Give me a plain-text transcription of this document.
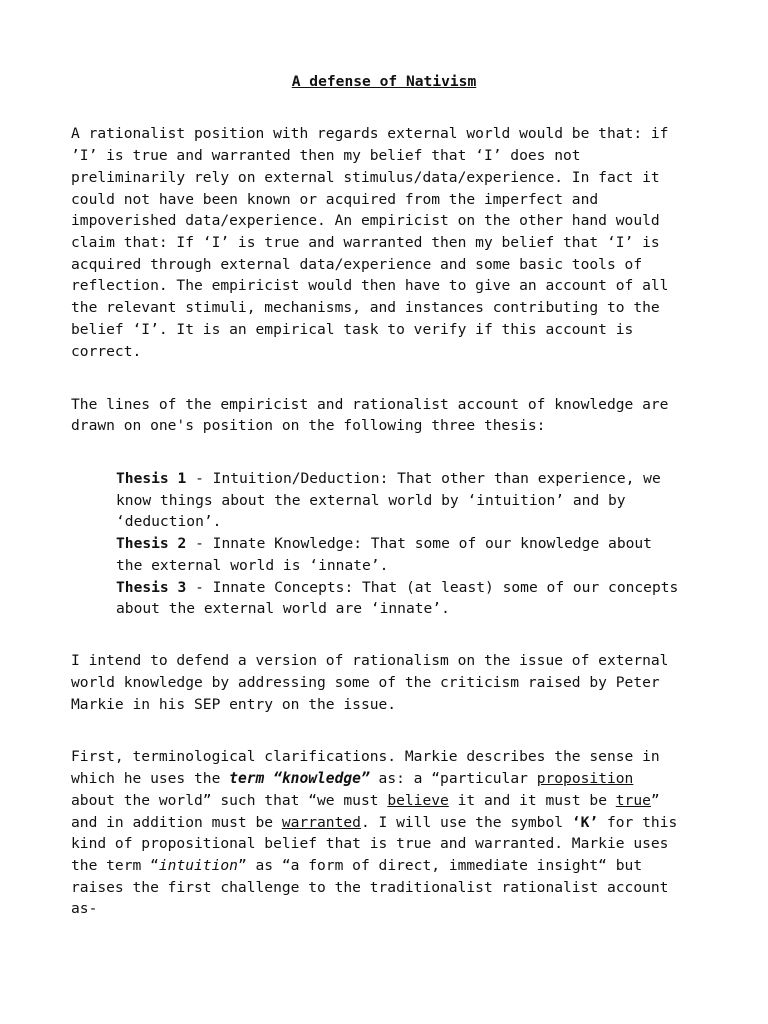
A defense of Nativism

A rationalist position with regards external world would be that: if

’I’ is true and warranted then my belief that ‘I’ does not

preliminarily rely on external stimulus/data/experience. In fact it

could not have been known or acquired from the imperfect and

impoverished data/experience. An empiricist on the other hand would

claim that: If ‘I’ is true and warranted then my belief that ‘I’ is

acquired through external data/experience and some basic tools of

reflection. The empiricist would then have to give an account of all

the relevant stimuli, mechanisms, and instances contributing to the

belief ‘I’. It is an empirical task to verify if this account is

correct.

The lines of the empiricist and rationalist account of knowledge are

drawn on one's position on the following three thesis:

Thesis 1 - Intuition/Deduction: That other than experience, we

know things about the external world by ‘intuition’ and by

‘deduction’.

Thesis 2 - Innate Knowledge: That some of our knowledge about

the external world is ‘innate’.

Thesis 3 - Innate Concepts: That (at least) some of our concepts

about the external world are ‘innate’.

I intend to defend a version of rationalism on the issue of external

world knowledge by addressing some of the criticism raised by Peter

Markie in his SEP entry on the issue.

First, terminological clarifications. Markie describes the sense in

which he uses the term “knowledge” as: a “particular proposition

about the world” such that “we must believe it and it must be true”

and in addition must be warranted. I will use the symbol ‘K’ for this

kind of propositional belief that is true and warranted. Markie uses

the term “intuition” as “a form of direct, immediate insight“ but

raises the first challenge to the traditionalist rationalist account

as-
